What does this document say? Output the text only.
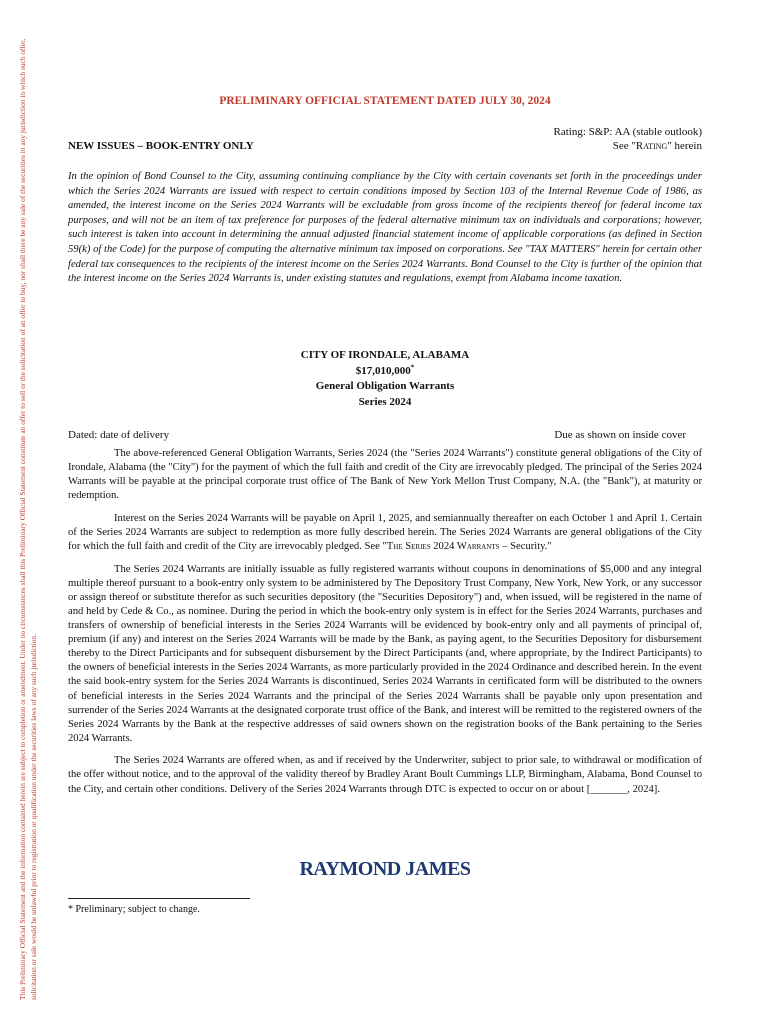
This Preliminary Official Statement and the information contained herein are subject to completion or amendment. Under no circumstances shall this Preliminary Official Statement constitute an offer to sell or the solicitation of an offer to buy, nor shall there be any sale of the securities in any jurisdiction in which such offer, solicitation or sale would be unlawful prior to registration or qualification under the securities laws of any such jurisdiction.
PRELIMINARY OFFICIAL STATEMENT DATED JULY 30, 2024
NEW ISSUES – BOOK-ENTRY ONLY
Rating: S&P: AA (stable outlook)
See "Rating" herein
In the opinion of Bond Counsel to the City, assuming continuing compliance by the City with certain covenants set forth in the proceedings under which the Series 2024 Warrants are issued with respect to certain conditions imposed by Section 103 of the Internal Revenue Code of 1986, as amended, the interest income on the Series 2024 Warrants will be excludable from gross income of the recipients thereof for federal income tax purposes, and will not be an item of tax preference for purposes of the federal alternative minimum tax on individuals and corporations; however, such interest is taken into account in determining the annual adjusted financial statement income of applicable corporations (as defined in Section 59(k) of the Code) for the purpose of computing the alternative minimum tax imposed on corporations. See "TAX MATTERS" herein for certain other federal tax consequences to the recipients of the interest income on the Series 2024 Warrants. Bond Counsel to the City is further of the opinion that the interest income on the Series 2024 Warrants is, under existing statutes and regulations, exempt from Alabama income taxation.
CITY OF IRONDALE, ALABAMA
$17,010,000*
General Obligation Warrants
Series 2024
Dated: date of delivery	Due as shown on inside cover

The above-referenced General Obligation Warrants, Series 2024 (the "Series 2024 Warrants") constitute general obligations of the City of Irondale, Alabama (the "City") for the payment of which the full faith and credit of the City are irrevocably pledged. The principal of the Series 2024 Warrants will be payable at the principal corporate trust office of The Bank of New York Mellon Trust Company, N.A. (the "Bank"), at maturity or redemption.

Interest on the Series 2024 Warrants will be payable on April 1, 2025, and semiannually thereafter on each October 1 and April 1. Certain of the Series 2024 Warrants are subject to redemption as more fully described herein. The Series 2024 Warrants are general obligations of the City for which the full faith and credit of the City are irrevocably pledged. See "The Series 2024 Warrants – Security."

The Series 2024 Warrants are initially issuable as fully registered warrants without coupons in denominations of $5,000 and any integral multiple thereof pursuant to a book-entry only system to be administered by The Depository Trust Company, New York, New York, or any successor or assign thereof or substitute therefor as such securities depository (the "Securities Depository") and, when issued, will be registered in the name of and held by Cede & Co., as nominee. During the period in which the book-entry only system is in effect for the Series 2024 Warrants, purchases and transfers of ownership of beneficial interests in the Series 2024 Warrants will be evidenced by book-entry only and all payments of principal of, premium (if any) and interest on the Series 2024 Warrants will be made by the Bank, as paying agent, to the Securities Depository for disbursement thereby to the Direct Participants and for subsequent disbursement by the Direct Participants (and, where appropriate, by the Indirect Participants) to the owners of beneficial interests in the Series 2024 Warrants, as more particularly provided in the 2024 Ordinance and described herein. In the event the said book-entry system for the Series 2024 Warrants is discontinued, Series 2024 Warrants in certificated form will be distributed to the owners of beneficial interests in the Series 2024 Warrants and the principal of the Series 2024 Warrants shall be payable only upon presentation and surrender of the Series 2024 Warrants at the designated corporate trust office of the Bank, and interest will be remitted to the registered owners of the Series 2024 Warrants by the Bank at the respective addresses of said owners shown on the registration books of the Bank pertaining to the Series 2024 Warrants.

The Series 2024 Warrants are offered when, as and if received by the Underwriter, subject to prior sale, to withdrawal or modification of the offer without notice, and to the approval of the validity thereof by Bradley Arant Boult Cummings LLP, Birmingham, Alabama, Bond Counsel to the City, and certain other conditions. Delivery of the Series 2024 Warrants through DTC is expected to occur on or about [_______, 2024].

RAYMOND JAMES
* Preliminary; subject to change.
